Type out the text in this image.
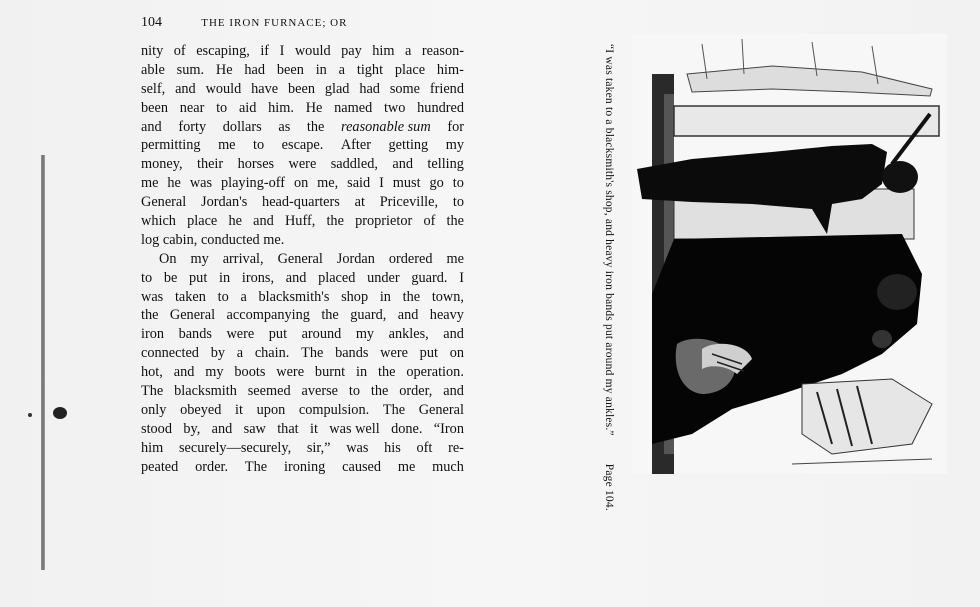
104	THE IRON FURNACE; OR
nity of escaping, if I would pay him a reason-
able sum. He had been in a tight place him-
self, and would have been glad had some friend
been near to aid him. He named two hundred
and forty dollars as the reasonable sum for
permitting me to escape. After getting my
money, their horses were saddled, and telling
me he was playing-off on me, said I must go to
General Jordan's head-quarters at Priceville, to
which place he and Huff, the proprietor of the
log cabin, conducted me.
On my arrival, General Jordan ordered me
to be put in irons, and placed under guard. I
was taken to a blacksmith's shop in the town,
the General accompanying the guard, and heavy
iron bands were put around my ankles, and
connected by a chain. The bands were put on
hot, and my boots were burnt in the operation.
The blacksmith seemed averse to the order, and
only obeyed it upon compulsion. The General
stood by, and saw that it was well done. “Iron
him securely—securely, sir,” was his oft re-
peated order. The ironing caused me much
“I was taken to a blacksmith's shop, and heavy iron bands put around my ankles.”Page 104.
